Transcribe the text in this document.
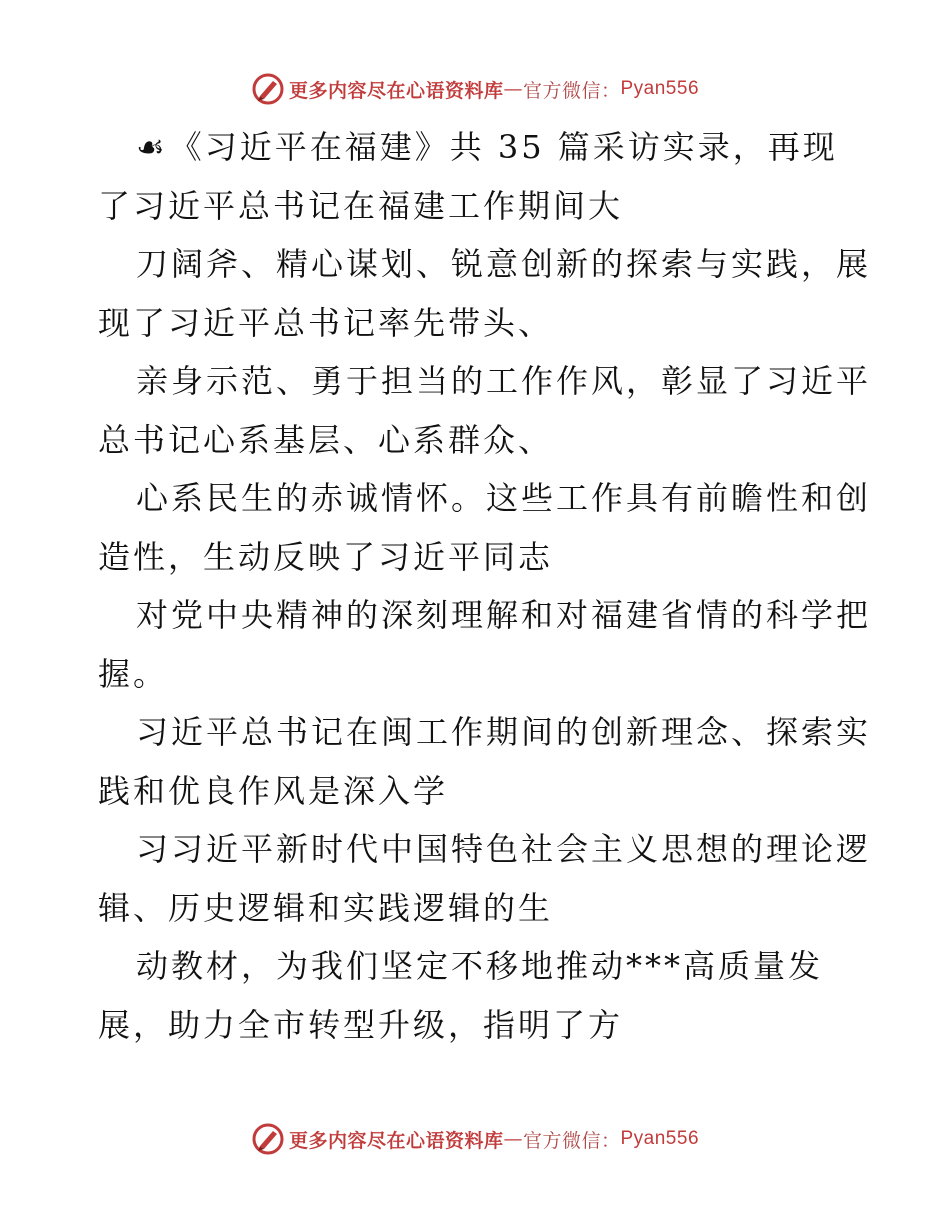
更多内容尽在心语资料库 — 官方微信： Pyan556
☙《习近平在福建》共 35 篇采访实录，再现
了习近平总书记在福建工作期间大
刀阔斧、精心谋划、锐意创新的探索与实践，展
现了习近平总书记率先带头、
亲身示范、勇于担当的工作作风，彰显了习近平
总书记心系基层、心系群众、
心系民生的赤诚情怀。这些工作具有前瞻性和创
造性，生动反映了习近平同志
对党中央精神的深刻理解和对福建省情的科学把
握。
习近平总书记在闽工作期间的创新理念、探索实
践和优良作风是深入学
习习近平新时代中国特色社会主义思想的理论逻
辑、历史逻辑和实践逻辑的生
动教材，为我们坚定不移地推动***高质量发
展，助力全市转型升级，指明了方
更多内容尽在心语资料库 — 官方微信： Pyan556
